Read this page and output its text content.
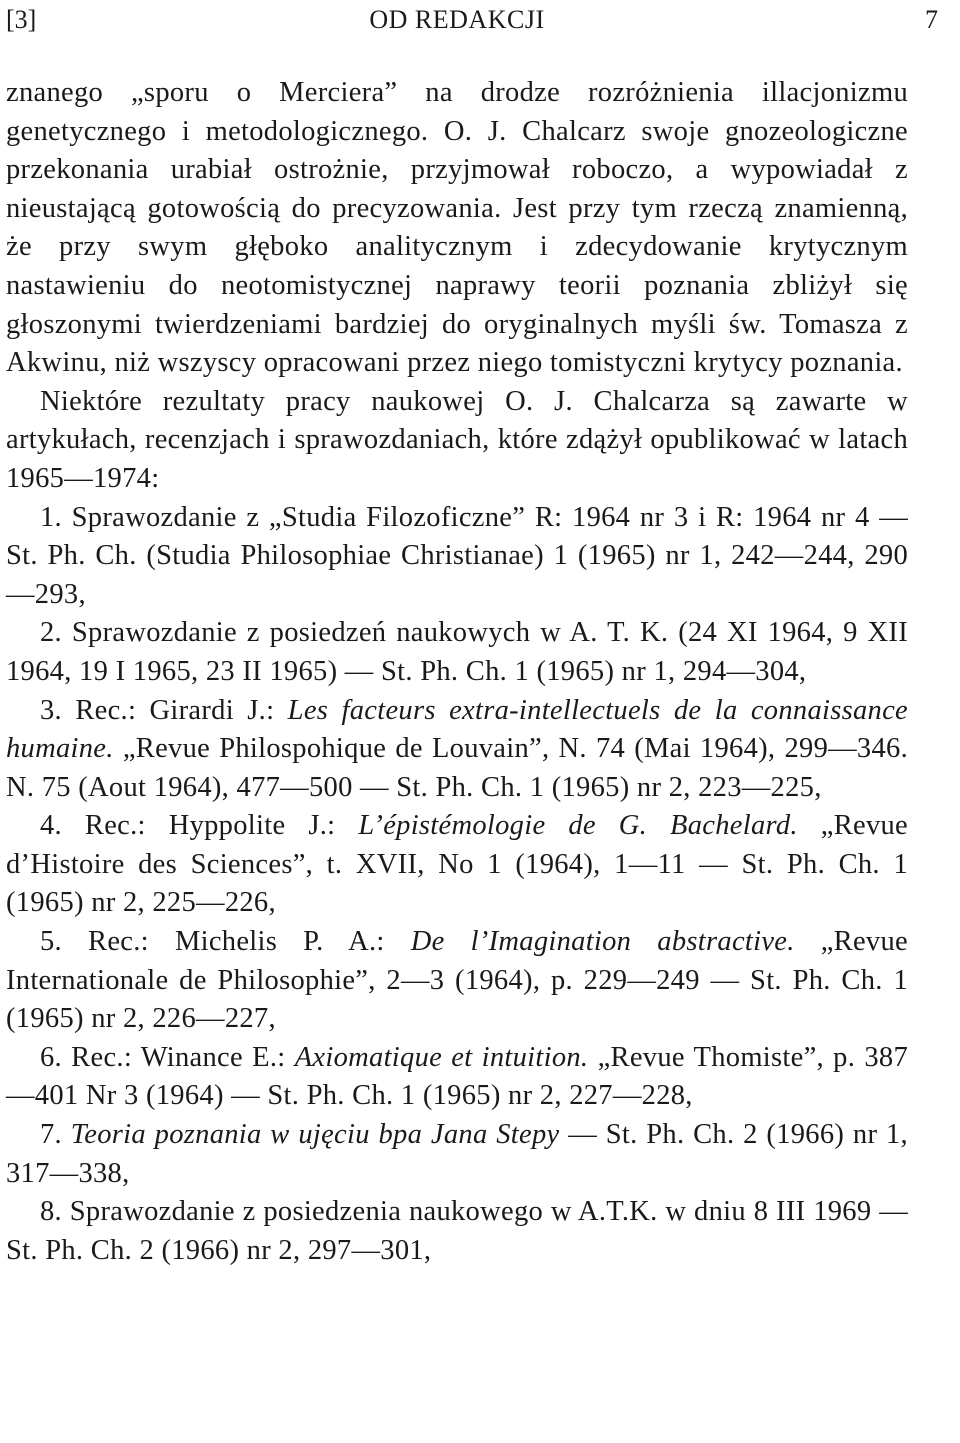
[3]	OD REDAKCJI	7

znanego „sporu o Merciera” na drodze rozróżnienia illacjonizmu genetycznego i metodologicznego. O. J. Chalcarz swoje gnozeologiczne przekonania urabiał ostrożnie, przyjmował roboczo, a wypowiadał z nieustającą gotowością do precyzowania. Jest przy tym rzeczą znamienną, że przy swym głęboko analitycznym i zdecydowanie krytycznym nastawieniu do neotomistycznej naprawy teorii poznania zbliżył się głoszonymi twierdzeniami bardziej do oryginalnych myśli św. Tomasza z Akwinu, niż wszyscy opracowani przez niego tomistyczni krytycy poznania.

Niektóre rezultaty pracy naukowej O. J. Chalcarza są zawarte w artykułach, recenzjach i sprawozdaniach, które zdążył opublikować w latach 1965—1974:

1. Sprawozdanie z „Studia Filozoficzne” R: 1964 nr 3 i R: 1964 nr 4 — St. Ph. Ch. (Studia Philosophiae Christianae) 1 (1965) nr 1, 242—244, 290—293,

2. Sprawozdanie z posiedzeń naukowych w A. T. K. (24 XI 1964, 9 XII 1964, 19 I 1965, 23 II 1965) — St. Ph. Ch. 1 (1965) nr 1, 294—304,

3. Rec.: Girardi J.: Les facteurs extra-intellectuels de la connaissance humaine. „Revue Philospohique de Louvain”, N. 74 (Mai 1964), 299—346. N. 75 (Aout 1964), 477—500 — St. Ph. Ch. 1 (1965) nr 2, 223—225,

4. Rec.: Hyppolite J.: L’épistémologie de G. Bachelard. „Revue d’Histoire des Sciences”, t. XVII, No 1 (1964), 1—11 — St. Ph. Ch. 1 (1965) nr 2, 225—226,

5. Rec.: Michelis P. A.: De l’Imagination abstractive. „Revue Internationale de Philosophie”, 2—3 (1964), p. 229—249 — St. Ph. Ch. 1 (1965) nr 2, 226—227,

6. Rec.: Winance E.: Axiomatique et intuition. „Revue Thomiste”, p. 387—401 Nr 3 (1964) — St. Ph. Ch. 1 (1965) nr 2, 227—228,

7. Teoria poznania w ujęciu bpa Jana Stepy — St. Ph. Ch. 2 (1966) nr 1, 317—338,

8. Sprawozdanie z posiedzenia naukowego w A.T.K. w dniu 8 III 1969 — St. Ph. Ch. 2 (1966) nr 2, 297—301,
